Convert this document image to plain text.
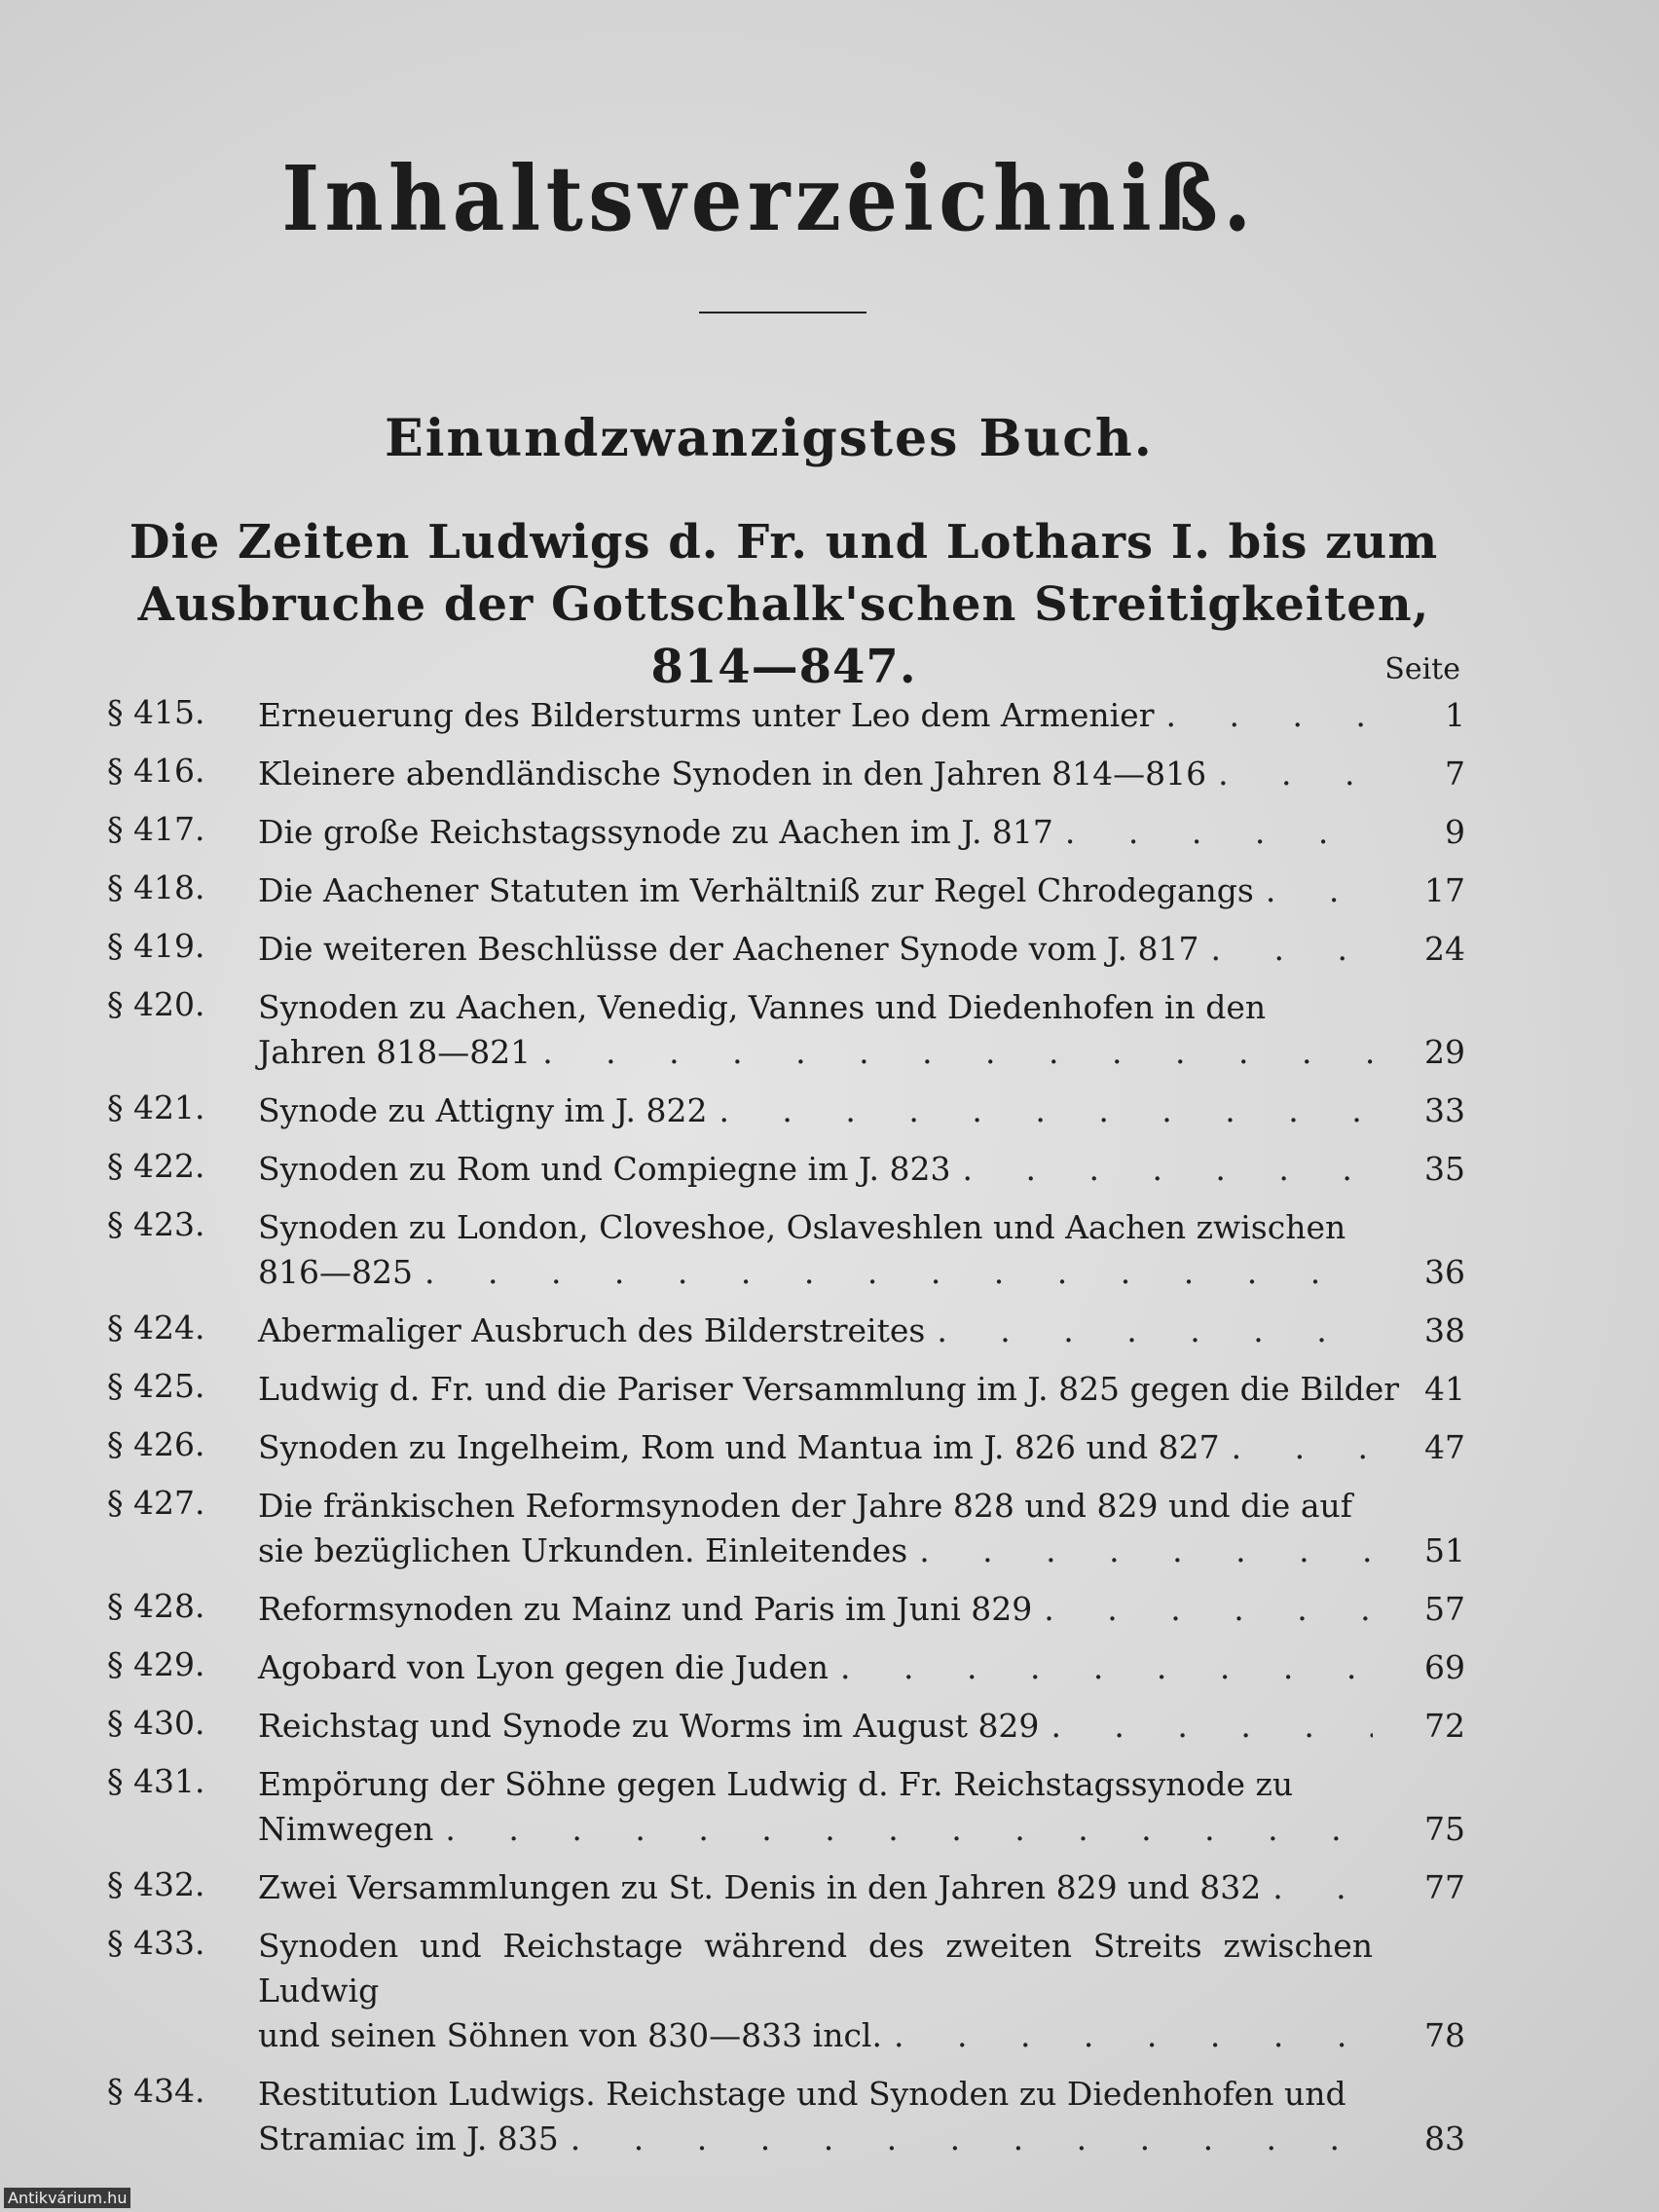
Inhaltsverzeichniß.
Einundzwanzigstes Buch.
Die Zeiten Ludwigs d. Fr. und Lothars I. bis zum Ausbruche der Gottschalk'schen Streitigkeiten, 814—847.	Seite
§ 415.	Erneuerung des Bildersturms unter Leo dem Armenier . . .	1
§ 416.	Kleinere abendländische Synoden in den Jahren 814—816 . . .	7
§ 417.	Die große Reichstagssynode zu Aachen im J. 817 . . .	9
§ 418.	Die Aachener Statuten im Verhältniß zur Regel Chrodegangs . . .	17
§ 419.	Die weiteren Beschlüsse der Aachener Synode vom J. 817 . . .	24
§ 420.	Synoden zu Aachen, Venedig, Vannes und Diedenhofen in den
Jahren 818—821 . . .	29
§ 421.	Synode zu Attigny im J. 822 . . .	33
§ 422.	Synoden zu Rom und Compiegne im J. 823 . . .	35
§ 423.	Synoden zu London, Cloveshoe, Oslaveshlen und Aachen zwischen
816—825 . . .	36
§ 424.	Abermaliger Ausbruch des Bilderstreites . . .	38
§ 425.	Ludwig d. Fr. und die Pariser Versammlung im J. 825 gegen die Bilder 41
§ 426.	Synoden zu Ingelheim, Rom und Mantua im J. 826 und 827 . . .	47
§ 427.	Die fränkischen Reformsynoden der Jahre 828 und 829 und die auf
sie bezüglichen Urkunden. Einleitendes . . .	51
§ 428.	Reformsynoden zu Mainz und Paris im Juni 829 . . .	57
§ 429.	Agobard von Lyon gegen die Juden . . .	69
§ 430.	Reichstag und Synode zu Worms im August 829 . . .	72
§ 431.	Empörung der Söhne gegen Ludwig d. Fr. Reichstagssynode zu
Nimwegen . . .	75
§ 432.	Zwei Versammlungen zu St. Denis in den Jahren 829 und 832 . . .	77
§ 433.	Synoden und Reichstage während des zweiten Streits zwischen Ludwig
und seinen Söhnen von 830—833 incl. . . .	78
§ 434.	Restitution Ludwigs. Reichstage und Synoden zu Diedenhofen und
Stramiac im J. 835 . . .	83
Antikvárium.hu
